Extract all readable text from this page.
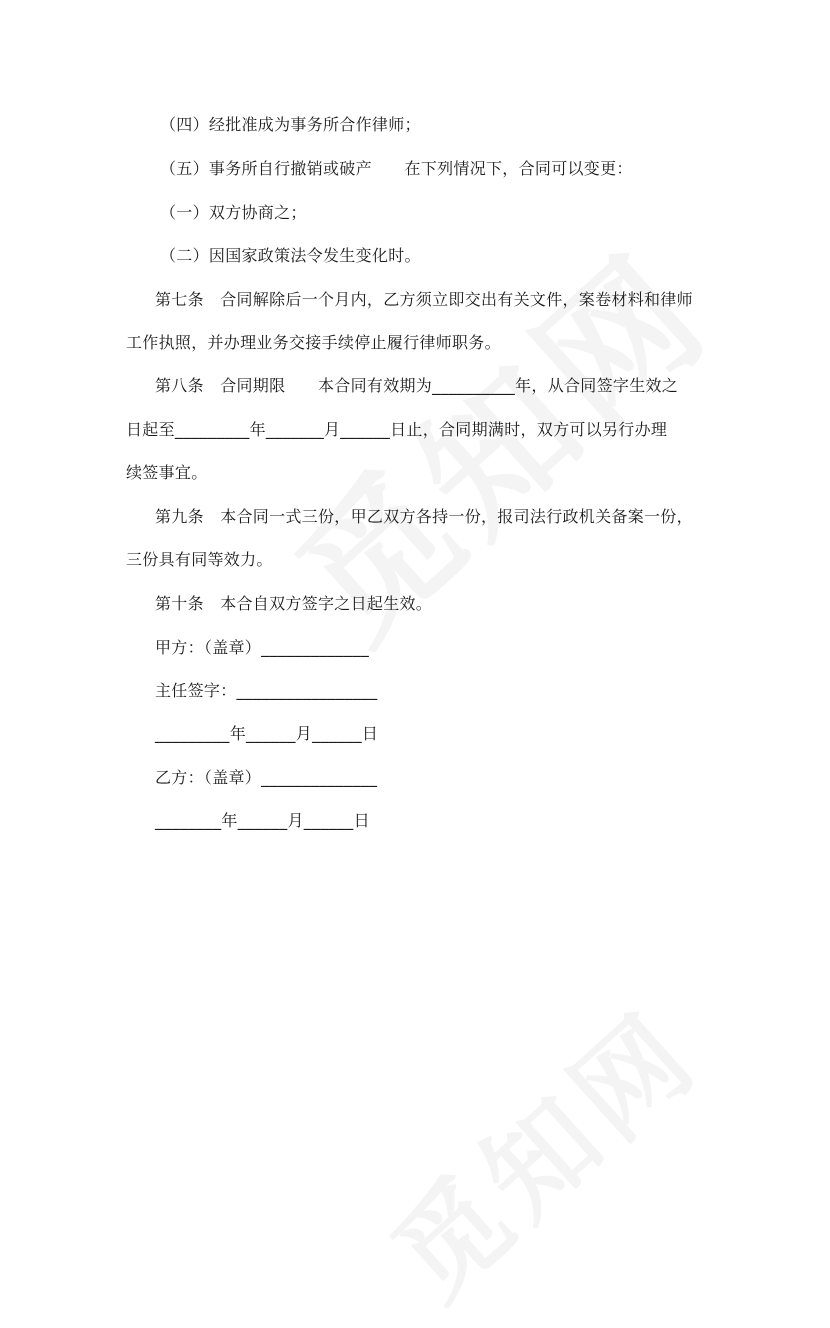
（四）经批准成为事务所合作律师；
（五）事务所自行撤销或破产　　在下列情况下，合同可以变更：
（一）双方协商之；
（二）因国家政策法令发生变化时。
第七条　合同解除后一个月内，乙方须立即交出有关文件，案卷材料和律师
工作执照，并办理业务交接手续停止履行律师职务。
第八条　合同期限　　本合同有效期为__________年，从合同签字生效之
日起至_________年_______月______日止，合同期满时，双方可以另行办理
续签事宜。
第九条　本合同一式三份，甲乙双方各持一份，报司法行政机关备案一份，
三份具有同等效力。
第十条　本合自双方签字之日起生效。
甲方：（盖章）_____________
主任签字：_________________
_________年______月______日
乙方：（盖章）______________
________年______月______日
